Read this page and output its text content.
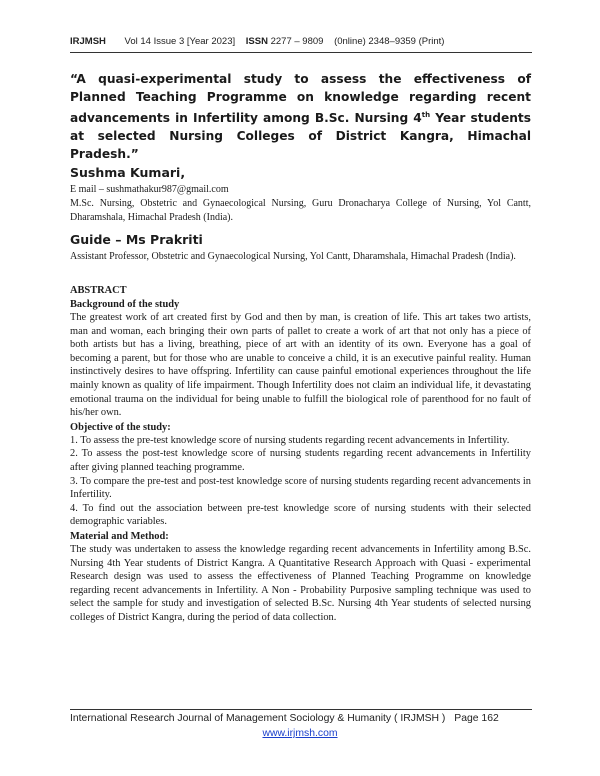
IRJMSH Vol 14 Issue 3 [Year 2023] ISSN 2277 – 9809 (0nline) 2348–9359 (Print)

“A quasi-experimental study to assess the effectiveness of Planned Teaching Programme on knowledge regarding recent advancements in Infertility among B.Sc. Nursing 4th Year students at selected Nursing Colleges of District Kangra, Himachal Pradesh.”

Sushma Kumari,

E mail – sushmathakur987@gmail.com

M.Sc. Nursing, Obstetric and Gynaecological Nursing, Guru Dronacharya College of Nursing, Yol Cantt, Dharamshala, Himachal Pradesh (India).

Guide – Ms Prakriti

Assistant Professor, Obstetric and Gynaecological Nursing, Yol Cantt, Dharamshala, Himachal Pradesh (India).

ABSTRACT
Background of the study

The greatest work of art created first by God and then by man, is creation of life. This art takes two artists, man and woman, each bringing their own parts of pallet to create a work of art that not only has a piece of both artists but has a living, breathing, piece of art with an identity of its own. Everyone has a goal of becoming a parent, but for those who are unable to conceive a child, it is an executive painful reality. Human instinctively desires to have offspring. Infertility can cause painful emotional experiences throughout the life mainly known as quality of life impairment. Though Infertility does not claim an individual life, it devastating emotional trauma on the individual for being unable to fulfill the biological role of parenthood for no fault of his/her own.

Objective of the study:

1. To assess the pre-test knowledge score of nursing students regarding recent advancements in Infertility.

2. To assess the post-test knowledge score of nursing students regarding recent advancements in Infertility after giving planned teaching programme.

3. To compare the pre-test and post-test knowledge score of nursing students regarding recent advancements in Infertility.

4. To find out the association between pre-test knowledge score of nursing students with their selected demographic variables.

Material and Method:

The study was undertaken to assess the knowledge regarding recent advancements in Infertility among B.Sc. Nursing 4th Year students of District Kangra. A Quantitative Research Approach with Quasi - experimental Research design was used to assess the effectiveness of Planned Teaching Programme on knowledge regarding recent advancements in Infertility. A Non - Probability Purposive sampling technique was used to select the sample for study and investigation of selected B.Sc. Nursing 4th Year students of selected nursing colleges of District Kangra, during the period of data collection.

International Research Journal of Management Sociology & Humanity ( IRJMSH ) Page 162
www.irjmsh.com
